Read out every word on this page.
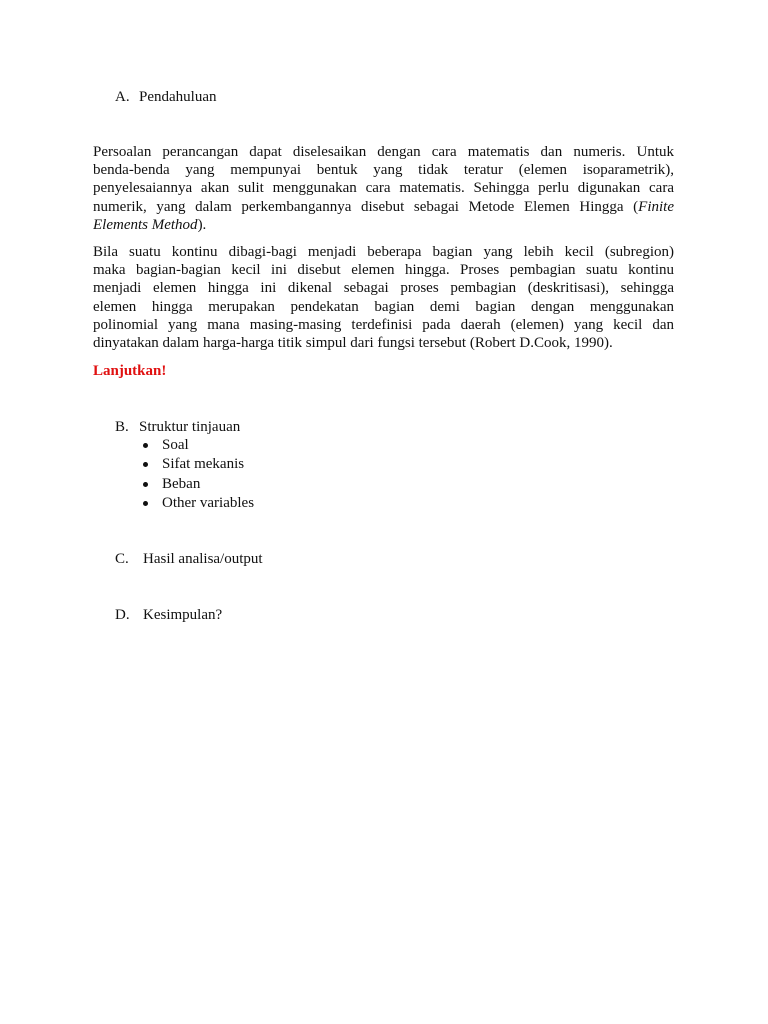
A. Pendahuluan
Persoalan perancangan dapat diselesaikan dengan cara matematis dan numeris. Untuk
benda-benda yang mempunyai bentuk yang tidak teratur (elemen isoparametrik),
penyelesaiannya akan sulit menggunakan cara matematis. Sehingga perlu digunakan cara
numerik, yang dalam perkembangannya disebut sebagai Metode Elemen Hingga (Finite
Elements Method).
Bila suatu kontinu dibagi-bagi menjadi beberapa bagian yang lebih kecil (subregion)
maka bagian-bagian kecil ini disebut elemen hingga. Proses pembagian suatu kontinu
menjadi elemen hingga ini dikenal sebagai proses pembagian (deskritisasi), sehingga
elemen hingga merupakan pendekatan bagian demi bagian dengan menggunakan
polinomial yang mana masing-masing terdefinisi pada daerah (elemen) yang kecil dan
dinyatakan dalam harga-harga titik simpul dari fungsi tersebut (Robert D.Cook, 1990).
Lanjutkan!
B. Struktur tinjauan
Soal
Sifat mekanis
Beban
Other variables
C. Hasil analisa/output
D. Kesimpulan?
